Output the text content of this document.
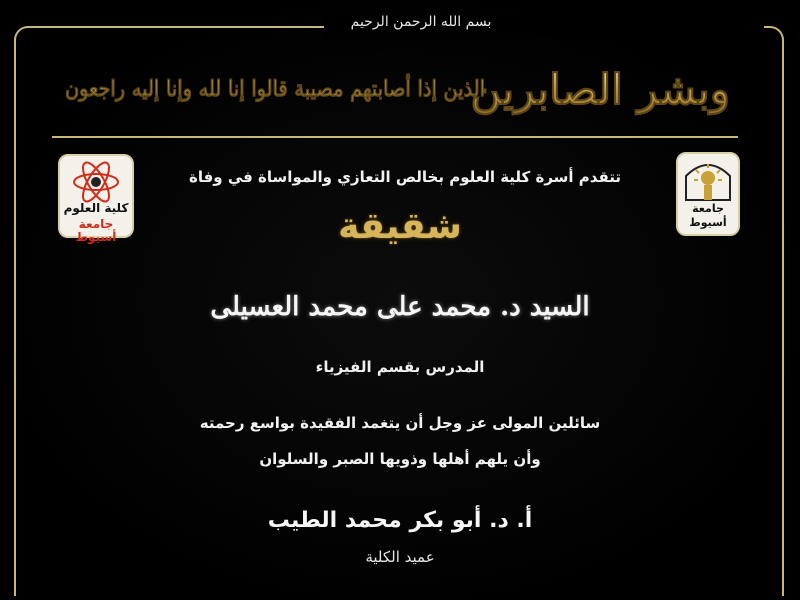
بسم الله الرحمن الرحيم
وبشر الصابرين
الذين إذا أصابتهم مصيبة قالوا إنا لله وإنا إليه راجعون
كلية العلوم
جامعة أسيوط
جامعة
أسيوط
تتقدم أسرة كلية العلوم بخالص التعازي والمواساة في وفاة
شقيقة
السيد د. محمد على محمد العسيلى
المدرس بقسم الفيزياء
سائلين المولى عز وجل أن يتغمد الفقيدة بواسع رحمته
وأن يلهم أهلها وذويها الصبر والسلوان
أ. د. أبو بكر محمد الطيب
عميد الكلية
